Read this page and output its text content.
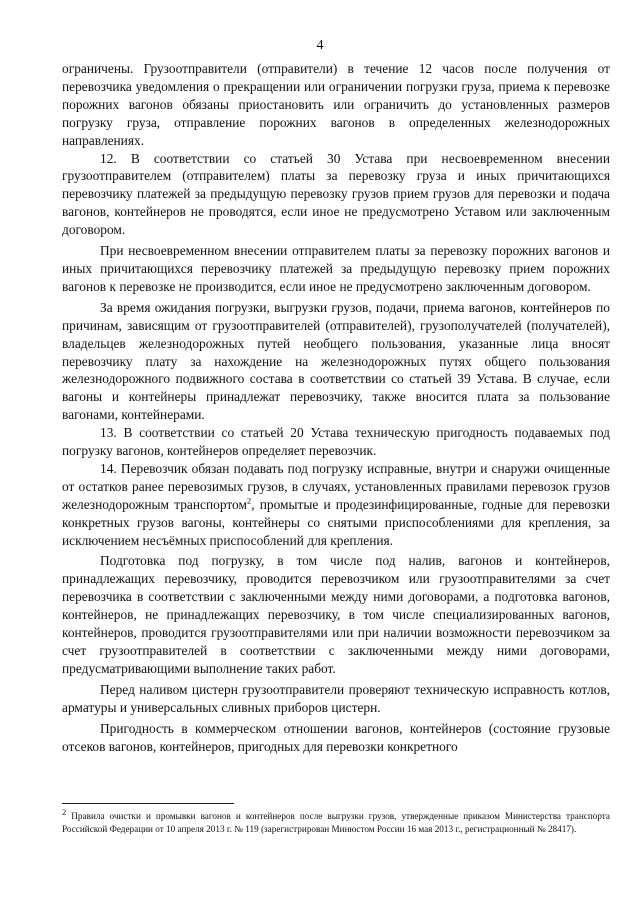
4

ограничены. Грузоотправители (отправители) в течение 12 часов после получения от перевозчика уведомления о прекращении или ограничении погрузки груза, приема к перевозке порожних вагонов обязаны приостановить или ограничить до установленных размеров погрузку груза, отправление порожних вагонов в определенных железнодорожных направлениях.

12. В соответствии со статьей 30 Устава при несвоевременном внесении грузоотправителем (отправителем) платы за перевозку груза и иных причитающихся перевозчику платежей за предыдущую перевозку грузов прием грузов для перевозки и подача вагонов, контейнеров не проводятся, если иное не предусмотрено Уставом или заключенным договором.

При несвоевременном внесении отправителем платы за перевозку порожних вагонов и иных причитающихся перевозчику платежей за предыдущую перевозку прием порожних вагонов к перевозке не производится, если иное не предусмотрено заключенным договором.

За время ожидания погрузки, выгрузки грузов, подачи, приема вагонов, контейнеров по причинам, зависящим от грузоотправителей (отправителей), грузополучателей (получателей), владельцев железнодорожных путей необщего пользования, указанные лица вносят перевозчику плату за нахождение на железнодорожных путях общего пользования железнодорожного подвижного состава в соответствии со статьей 39 Устава. В случае, если вагоны и контейнеры принадлежат перевозчику, также вносится плата за пользование вагонами, контейнерами.

13. В соответствии со статьей 20 Устава техническую пригодность подаваемых под погрузку вагонов, контейнеров определяет перевозчик.

14. Перевозчик обязан подавать под погрузку исправные, внутри и снаружи очищенные от остатков ранее перевозимых грузов, в случаях, установленных правилами перевозок грузов железнодорожным транспортом$^2$, промытые и продезинфицированные, годные для перевозки конкретных грузов вагоны, контейнеры со снятыми приспособлениями для крепления, за исключением несъёмных приспособлений для крепления.

Подготовка под погрузку, в том числе под налив, вагонов и контейнеров, принадлежащих перевозчику, проводится перевозчиком или грузоотправителями за счет перевозчика в соответствии с заключенными между ними договорами, а подготовка вагонов, контейнеров, не принадлежащих перевозчику, в том числе специализированных вагонов, контейнеров, проводится грузоотправителями или при наличии возможности перевозчиком за счет грузоотправителей в соответствии с заключенными между ними договорами, предусматривающими выполнение таких работ.

Перед наливом цистерн грузоотправители проверяют техническую исправность котлов, арматуры и универсальных сливных приборов цистерн.

Пригодность в коммерческом отношении вагонов, контейнеров (состояние грузовые отсеков вагонов, контейнеров, пригодных для перевозки конкретного

$^2$ Правила очистки и промывки вагонов и контейнеров после выгрузки грузов, утвержденные приказом Министерства транспорта Российской Федерации от 10 апреля 2013 г. № 119 (зарегистрирован Минюстом России 16 мая 2013 г., регистрационный № 28417).
